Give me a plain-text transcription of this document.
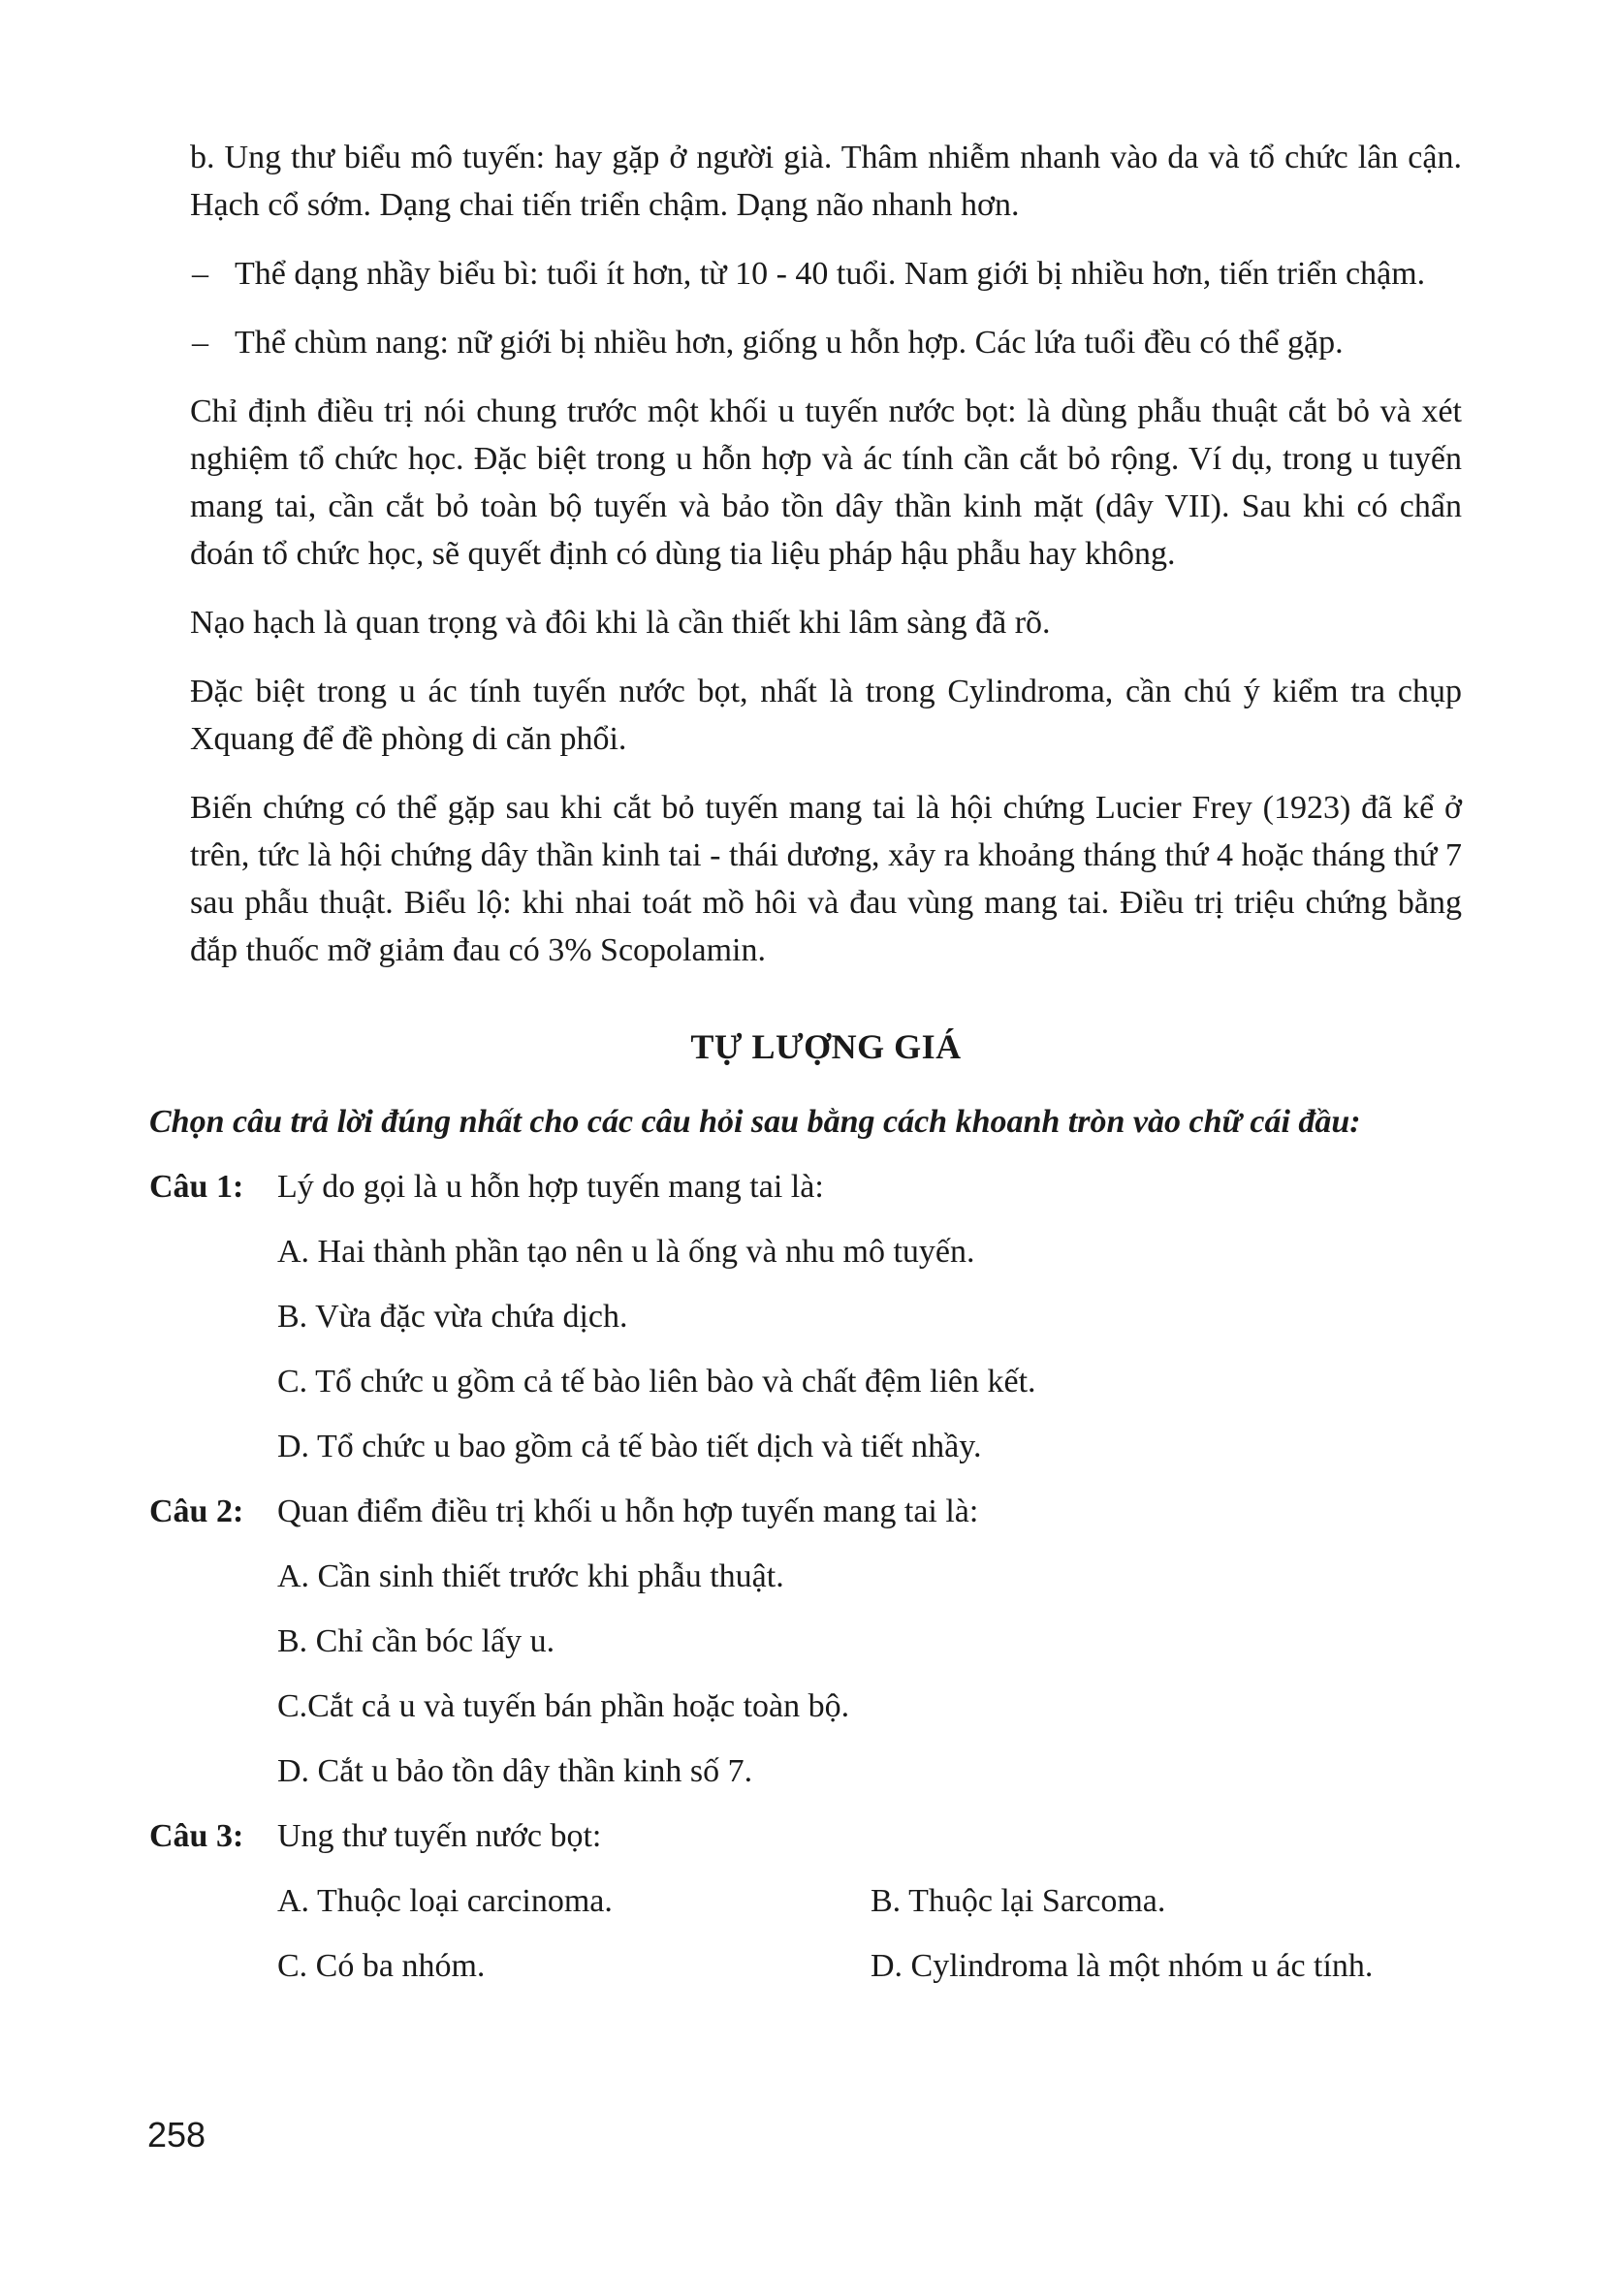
b. Ung thư biểu mô tuyến: hay gặp ở người già. Thâm nhiễm nhanh vào da và tổ chức lân cận. Hạch cổ sớm. Dạng chai tiến triển chậm. Dạng não nhanh hơn.

– Thể dạng nhầy biểu bì: tuổi ít hơn, từ 10 - 40 tuổi. Nam giới bị nhiều hơn, tiến triển chậm.
– Thể chùm nang: nữ giới bị nhiều hơn, giống u hỗn hợp. Các lứa tuổi đều có thể gặp.

Chỉ định điều trị nói chung trước một khối u tuyến nước bọt: là dùng phẫu thuật cắt bỏ và xét nghiệm tổ chức học. Đặc biệt trong u hỗn hợp và ác tính cần cắt bỏ rộng. Ví dụ, trong u tuyến mang tai, cần cắt bỏ toàn bộ tuyến và bảo tồn dây thần kinh mặt (dây VII). Sau khi có chẩn đoán tổ chức học, sẽ quyết định có dùng tia liệu pháp hậu phẫu hay không.

Nạo hạch là quan trọng và đôi khi là cần thiết khi lâm sàng đã rõ.

Đặc biệt trong u ác tính tuyến nước bọt, nhất là trong Cylindroma, cần chú ý kiểm tra chụp Xquang để đề phòng di căn phổi.

Biến chứng có thể gặp sau khi cắt bỏ tuyến mang tai là hội chứng Lucier Frey (1923) đã kể ở trên, tức là hội chứng dây thần kinh tai - thái dương, xảy ra khoảng tháng thứ 4 hoặc tháng thứ 7 sau phẫu thuật. Biểu lộ: khi nhai toát mồ hôi và đau vùng mang tai. Điều trị triệu chứng bằng đắp thuốc mỡ giảm đau có 3% Scopolamin.

TỰ LƯỢNG GIÁ
Chọn câu trả lời đúng nhất cho các câu hỏi sau bằng cách khoanh tròn vào chữ cái đầu:
Câu 1:	Lý do gọi là u hỗn hợp tuyến mang tai là:
A. Hai thành phần tạo nên u là ống và nhu mô tuyến.
B. Vừa đặc vừa chứa dịch.
C. Tổ chức u gồm cả tế bào liên bào và chất đệm liên kết.
D. Tổ chức u bao gồm cả tế bào tiết dịch và tiết nhầy.
Câu 2:	Quan điểm điều trị khối u hỗn hợp tuyến mang tai là:
A. Cần sinh thiết trước khi phẫu thuật.
B. Chỉ cần bóc lấy u.
C.Cắt cả u và tuyến bán phần hoặc toàn bộ.
D. Cắt u bảo tồn dây thần kinh số 7.
Câu 3:	Ung thư tuyến nước bọt:
A. Thuộc loại carcinoma.	B. Thuộc lại Sarcoma.
C. Có ba nhóm.	D. Cylindroma là một nhóm u ác tính.
258
